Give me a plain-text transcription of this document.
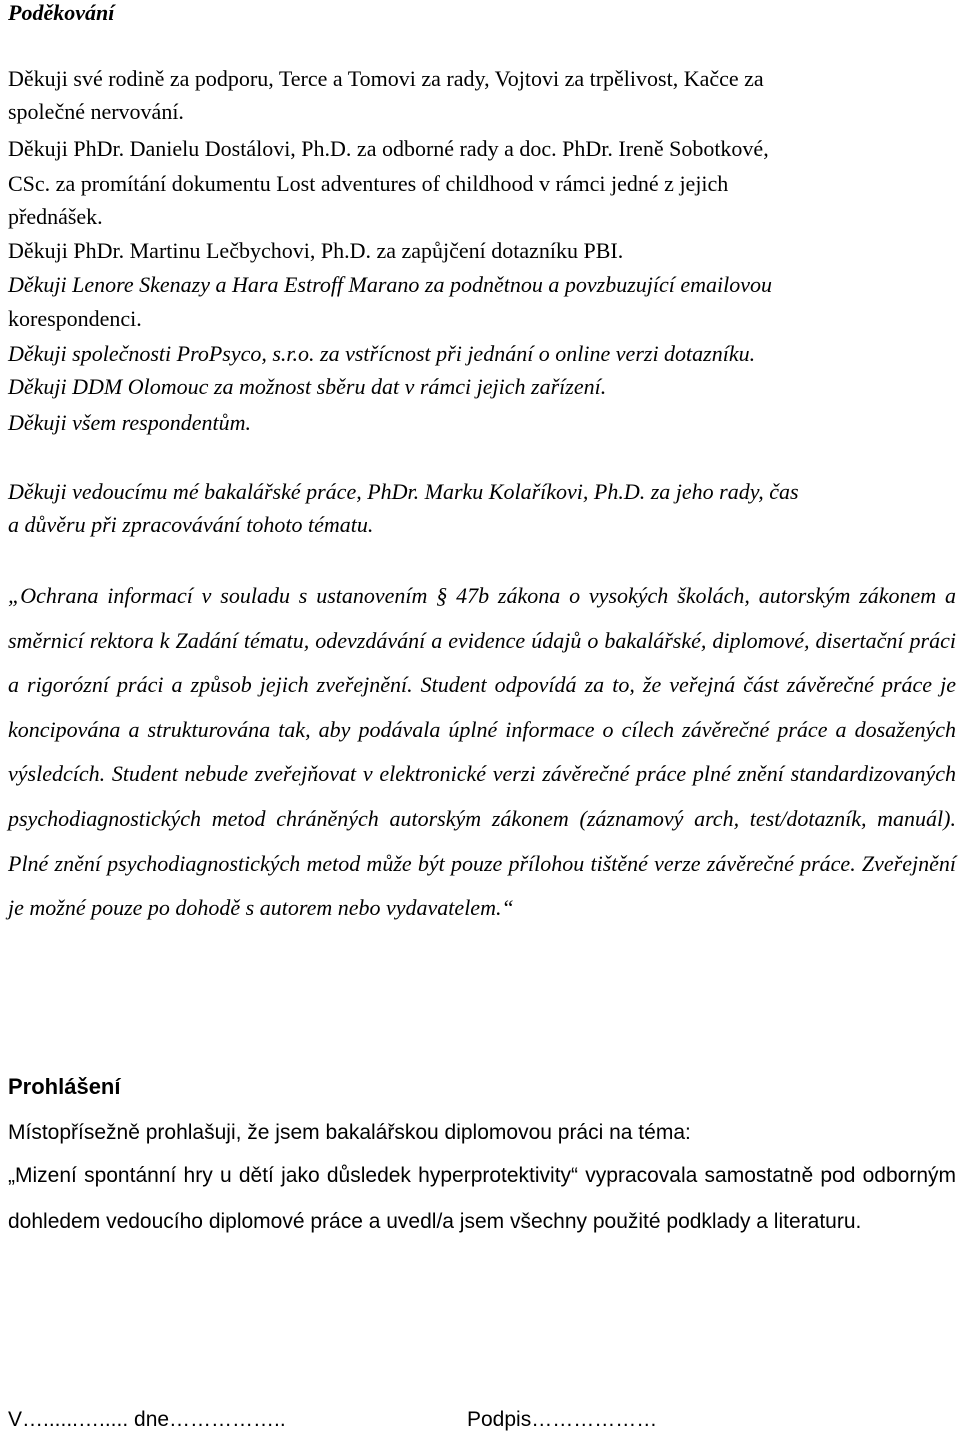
Poděkování
Děkuji své rodině za podporu, Terce a Tomovi za rady, Vojtovi za trpělivost, Kačce za
společné nervování.
Děkuji PhDr. Danielu Dostálovi, Ph.D. za odborné rady a doc. PhDr. Ireně Sobotkové,
CSc. za promítání dokumentu Lost adventures of childhood v rámci jedné z jejich
přednášek.
Děkuji PhDr. Martinu Lečbychovi, Ph.D. za zapůjčení dotazníku PBI.
Děkuji Lenore Skenazy a Hara Estroff Marano za podnětnou a povzbuzující emailovou
korespondenci.
Děkuji společnosti ProPsyco, s.r.o. za vstřícnost při jednání o online verzi dotazníku.
Děkuji DDM Olomouc za možnost sběru dat v rámci jejich zařízení.
Děkuji všem respondentům.
Děkuji vedoucímu mé bakalářské práce, PhDr. Marku Kolaříkovi, Ph.D. za jeho rady, čas
a důvěru při zpracovávání tohoto tématu.
„Ochrana informací v souladu s ustanovením § 47b zákona o vysokých školách, autorským zákonem a směrnicí rektora k Zadání tématu, odevzdávání a evidence údajů o bakalářské, diplomové, disertační práci a rigorózní práci a způsob jejich zveřejnění. Student odpovídá za to, že veřejná část závěrečné práce je koncipována a strukturována tak, aby podávala úplné informace o cílech závěrečné práce a dosažených výsledcích. Student nebude zveřejňovat v elektronické verzi závěrečné práce plné znění standardizovaných psychodiagnostických metod chráněných autorským zákonem (záznamový arch, test/dotazník, manuál). Plné znění psychodiagnostických metod může být pouze přílohou tištěné verze závěrečné práce. Zveřejnění je možné pouze po dohodě s autorem nebo vydavatelem.“
Prohlášení
Místopřísežně prohlašuji, že jsem bakalářskou diplomovou práci na téma:
„Mizení spontánní hry u dětí jako důsledek hyperprotektivity“ vypracovala samostatně pod odborným dohledem vedoucího diplomové práce a uvedl/a jsem všechny použité podklady a literaturu.
V…......…..... dne……………..	Podpis………………
